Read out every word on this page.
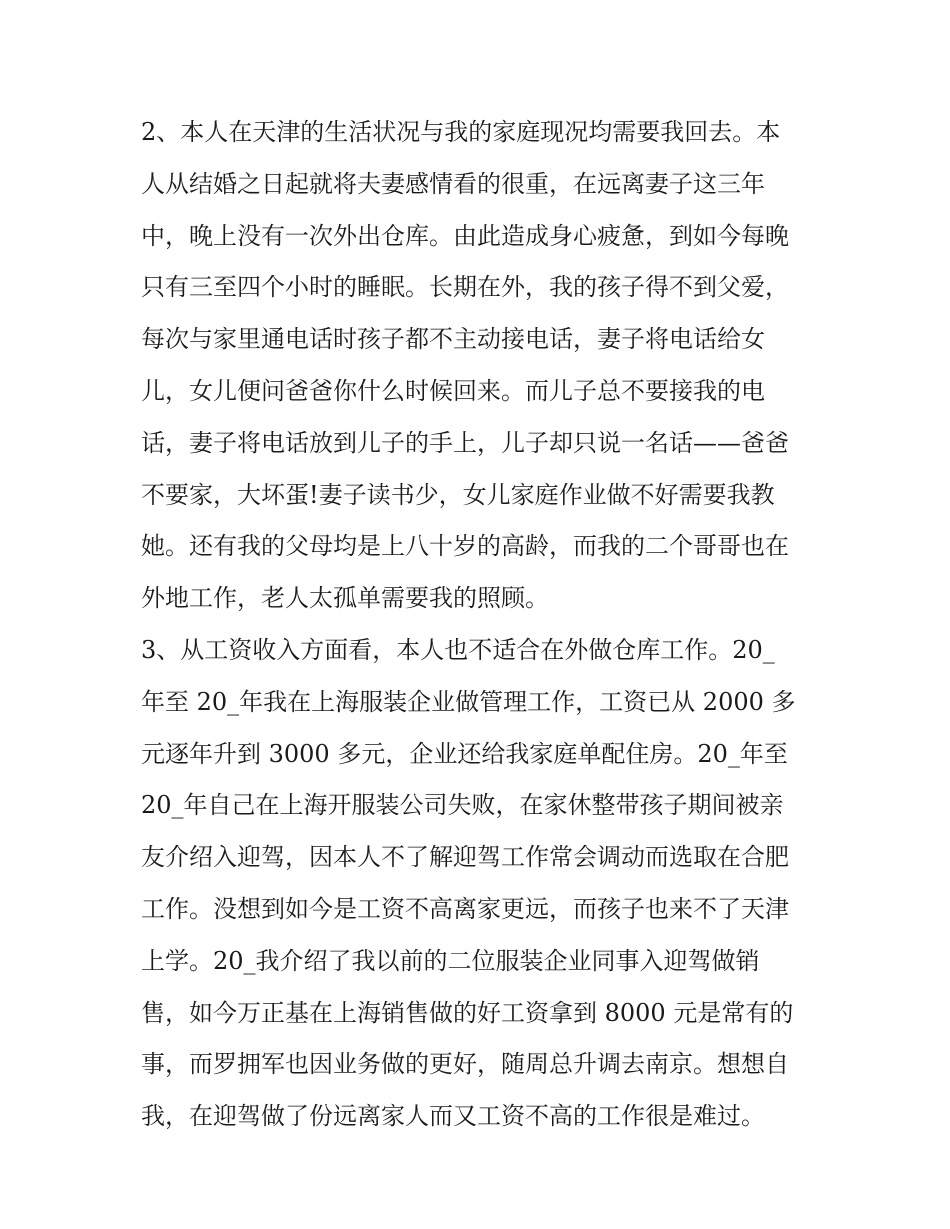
2、本人在天津的生活状况与我的家庭现况均需要我回去。本
人从结婚之日起就将夫妻感情看的很重，在远离妻子这三年
中，晚上没有一次外出仓库。由此造成身心疲惫，到如今每晚
只有三至四个小时的睡眠。长期在外，我的孩子得不到父爱，
每次与家里通电话时孩子都不主动接电话，妻子将电话给女
儿，女儿便问爸爸你什么时候回来。而儿子总不要接我的电
话，妻子将电话放到儿子的手上，儿子却只说一名话——爸爸
不要家，大坏蛋!妻子读书少，女儿家庭作业做不好需要我教
她。还有我的父母均是上八十岁的高龄，而我的二个哥哥也在
外地工作，老人太孤单需要我的照顾。
3、从工资收入方面看，本人也不适合在外做仓库工作。20_
年至 20_年我在上海服装企业做管理工作，工资已从 2000 多
元逐年升到 3000 多元，企业还给我家庭单配住房。20_年至
20_年自己在上海开服装公司失败，在家休整带孩子期间被亲
友介绍入迎驾，因本人不了解迎驾工作常会调动而选取在合肥
工作。没想到如今是工资不高离家更远，而孩子也来不了天津
上学。20_我介绍了我以前的二位服装企业同事入迎驾做销
售，如今万正基在上海销售做的好工资拿到 8000 元是常有的
事，而罗拥军也因业务做的更好，随周总升调去南京。想想自
我，在迎驾做了份远离家人而又工资不高的工作很是难过。
